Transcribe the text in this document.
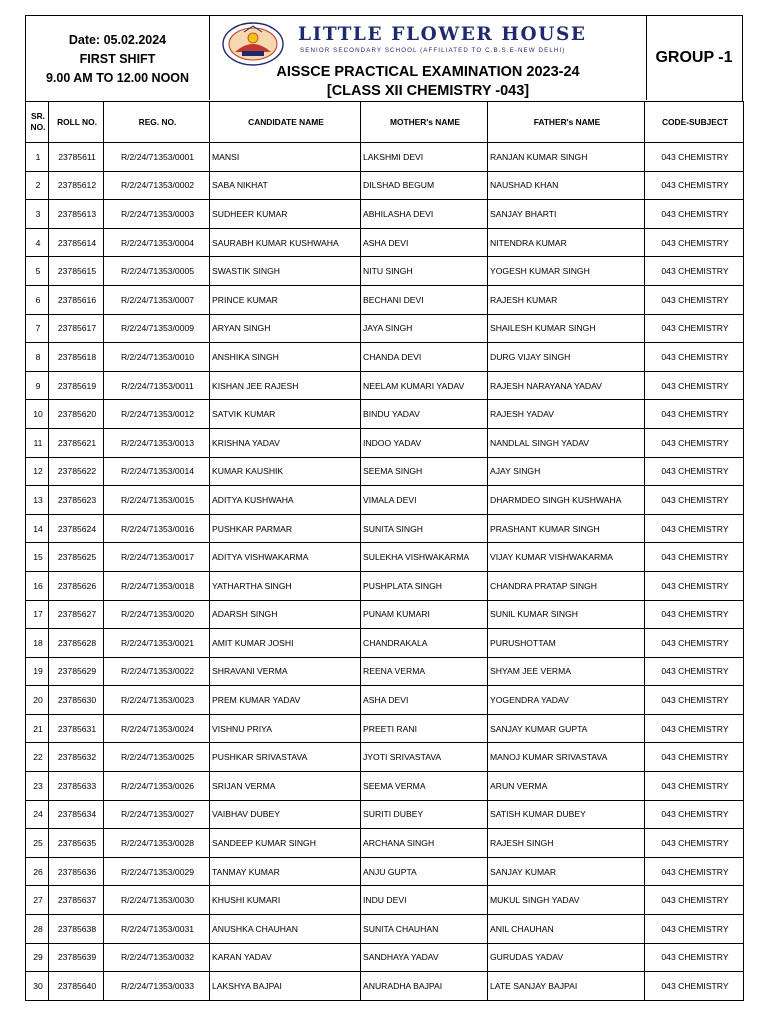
Date: 05.02.2024
FIRST SHIFT
9.00 AM TO 12.00 NOON
LITTLE FLOWER HOUSE
SENIOR SECONDARY SCHOOL (AFFILIATED TO C.B.S.E-NEW DELHI)
AISSCE PRACTICAL EXAMINATION 2023-24
[CLASS XII CHEMISTRY -043]
GROUP -1
SR. NO.	ROLL NO.	REG. NO.	CANDIDATE NAME	MOTHER's NAME	FATHER's NAME	CODE-SUBJECT
1	23785611	R/2/24/71353/0001	MANSI	LAKSHMI DEVI	RANJAN KUMAR SINGH	043 CHEMISTRY
2	23785612	R/2/24/71353/0002	SABA NIKHAT	DILSHAD BEGUM	NAUSHAD KHAN	043 CHEMISTRY
3	23785613	R/2/24/71353/0003	SUDHEER KUMAR	ABHILASHA DEVI	SANJAY BHARTI	043 CHEMISTRY
4	23785614	R/2/24/71353/0004	SAURABH KUMAR KUSHWAHA	ASHA DEVI	NITENDRA KUMAR	043 CHEMISTRY
5	23785615	R/2/24/71353/0005	SWASTIK SINGH	NITU SINGH	YOGESH KUMAR SINGH	043 CHEMISTRY
6	23785616	R/2/24/71353/0007	PRINCE KUMAR	BECHANI DEVI	RAJESH KUMAR	043 CHEMISTRY
7	23785617	R/2/24/71353/0009	ARYAN SINGH	JAYA SINGH	SHAILESH KUMAR SINGH	043 CHEMISTRY
8	23785618	R/2/24/71353/0010	ANSHIKA SINGH	CHANDA DEVI	DURG VIJAY SINGH	043 CHEMISTRY
9	23785619	R/2/24/71353/0011	KISHAN JEE RAJESH	NEELAM KUMARI YADAV	RAJESH NARAYANA YADAV	043 CHEMISTRY
10	23785620	R/2/24/71353/0012	SATVIK KUMAR	BINDU YADAV	RAJESH YADAV	043 CHEMISTRY
11	23785621	R/2/24/71353/0013	KRISHNA YADAV	INDOO YADAV	NANDLAL SINGH YADAV	043 CHEMISTRY
12	23785622	R/2/24/71353/0014	KUMAR KAUSHIK	SEEMA SINGH	AJAY SINGH	043 CHEMISTRY
13	23785623	R/2/24/71353/0015	ADITYA KUSHWAHA	VIMALA DEVI	DHARMDEO SINGH KUSHWAHA	043 CHEMISTRY
14	23785624	R/2/24/71353/0016	PUSHKAR PARMAR	SUNITA SINGH	PRASHANT KUMAR SINGH	043 CHEMISTRY
15	23785625	R/2/24/71353/0017	ADITYA VISHWAKARMA	SULEKHA VISHWAKARMA	VIJAY KUMAR VISHWAKARMA	043 CHEMISTRY
16	23785626	R/2/24/71353/0018	YATHARTHA SINGH	PUSHPLATA SINGH	CHANDRA PRATAP SINGH	043 CHEMISTRY
17	23785627	R/2/24/71353/0020	ADARSH SINGH	PUNAM KUMARI	SUNIL KUMAR SINGH	043 CHEMISTRY
18	23785628	R/2/24/71353/0021	AMIT KUMAR JOSHI	CHANDRAKALA	PURUSHOTTAM	043 CHEMISTRY
19	23785629	R/2/24/71353/0022	SHRAVANI VERMA	REENA VERMA	SHYAM JEE VERMA	043 CHEMISTRY
20	23785630	R/2/24/71353/0023	PREM KUMAR YADAV	ASHA DEVI	YOGENDRA YADAV	043 CHEMISTRY
21	23785631	R/2/24/71353/0024	VISHNU PRIYA	PREETI RANI	SANJAY KUMAR GUPTA	043 CHEMISTRY
22	23785632	R/2/24/71353/0025	PUSHKAR SRIVASTAVA	JYOTI SRIVASTAVA	MANOJ KUMAR SRIVASTAVA	043 CHEMISTRY
23	23785633	R/2/24/71353/0026	SRIJAN VERMA	SEEMA VERMA	ARUN VERMA	043 CHEMISTRY
24	23785634	R/2/24/71353/0027	VAIBHAV DUBEY	SURITI DUBEY	SATISH KUMAR DUBEY	043 CHEMISTRY
25	23785635	R/2/24/71353/0028	SANDEEP KUMAR SINGH	ARCHANA SINGH	RAJESH SINGH	043 CHEMISTRY
26	23785636	R/2/24/71353/0029	TANMAY KUMAR	ANJU GUPTA	SANJAY KUMAR	043 CHEMISTRY
27	23785637	R/2/24/71353/0030	KHUSHI KUMARI	INDU DEVI	MUKUL SINGH YADAV	043 CHEMISTRY
28	23785638	R/2/24/71353/0031	ANUSHKA CHAUHAN	SUNITA CHAUHAN	ANIL CHAUHAN	043 CHEMISTRY
29	23785639	R/2/24/71353/0032	KARAN YADAV	SANDHAYA YADAV	GURUDAS YADAV	043 CHEMISTRY
30	23785640	R/2/24/71353/0033	LAKSHYA BAJPAI	ANURADHA BAJPAI	LATE SANJAY BAJPAI	043 CHEMISTRY
